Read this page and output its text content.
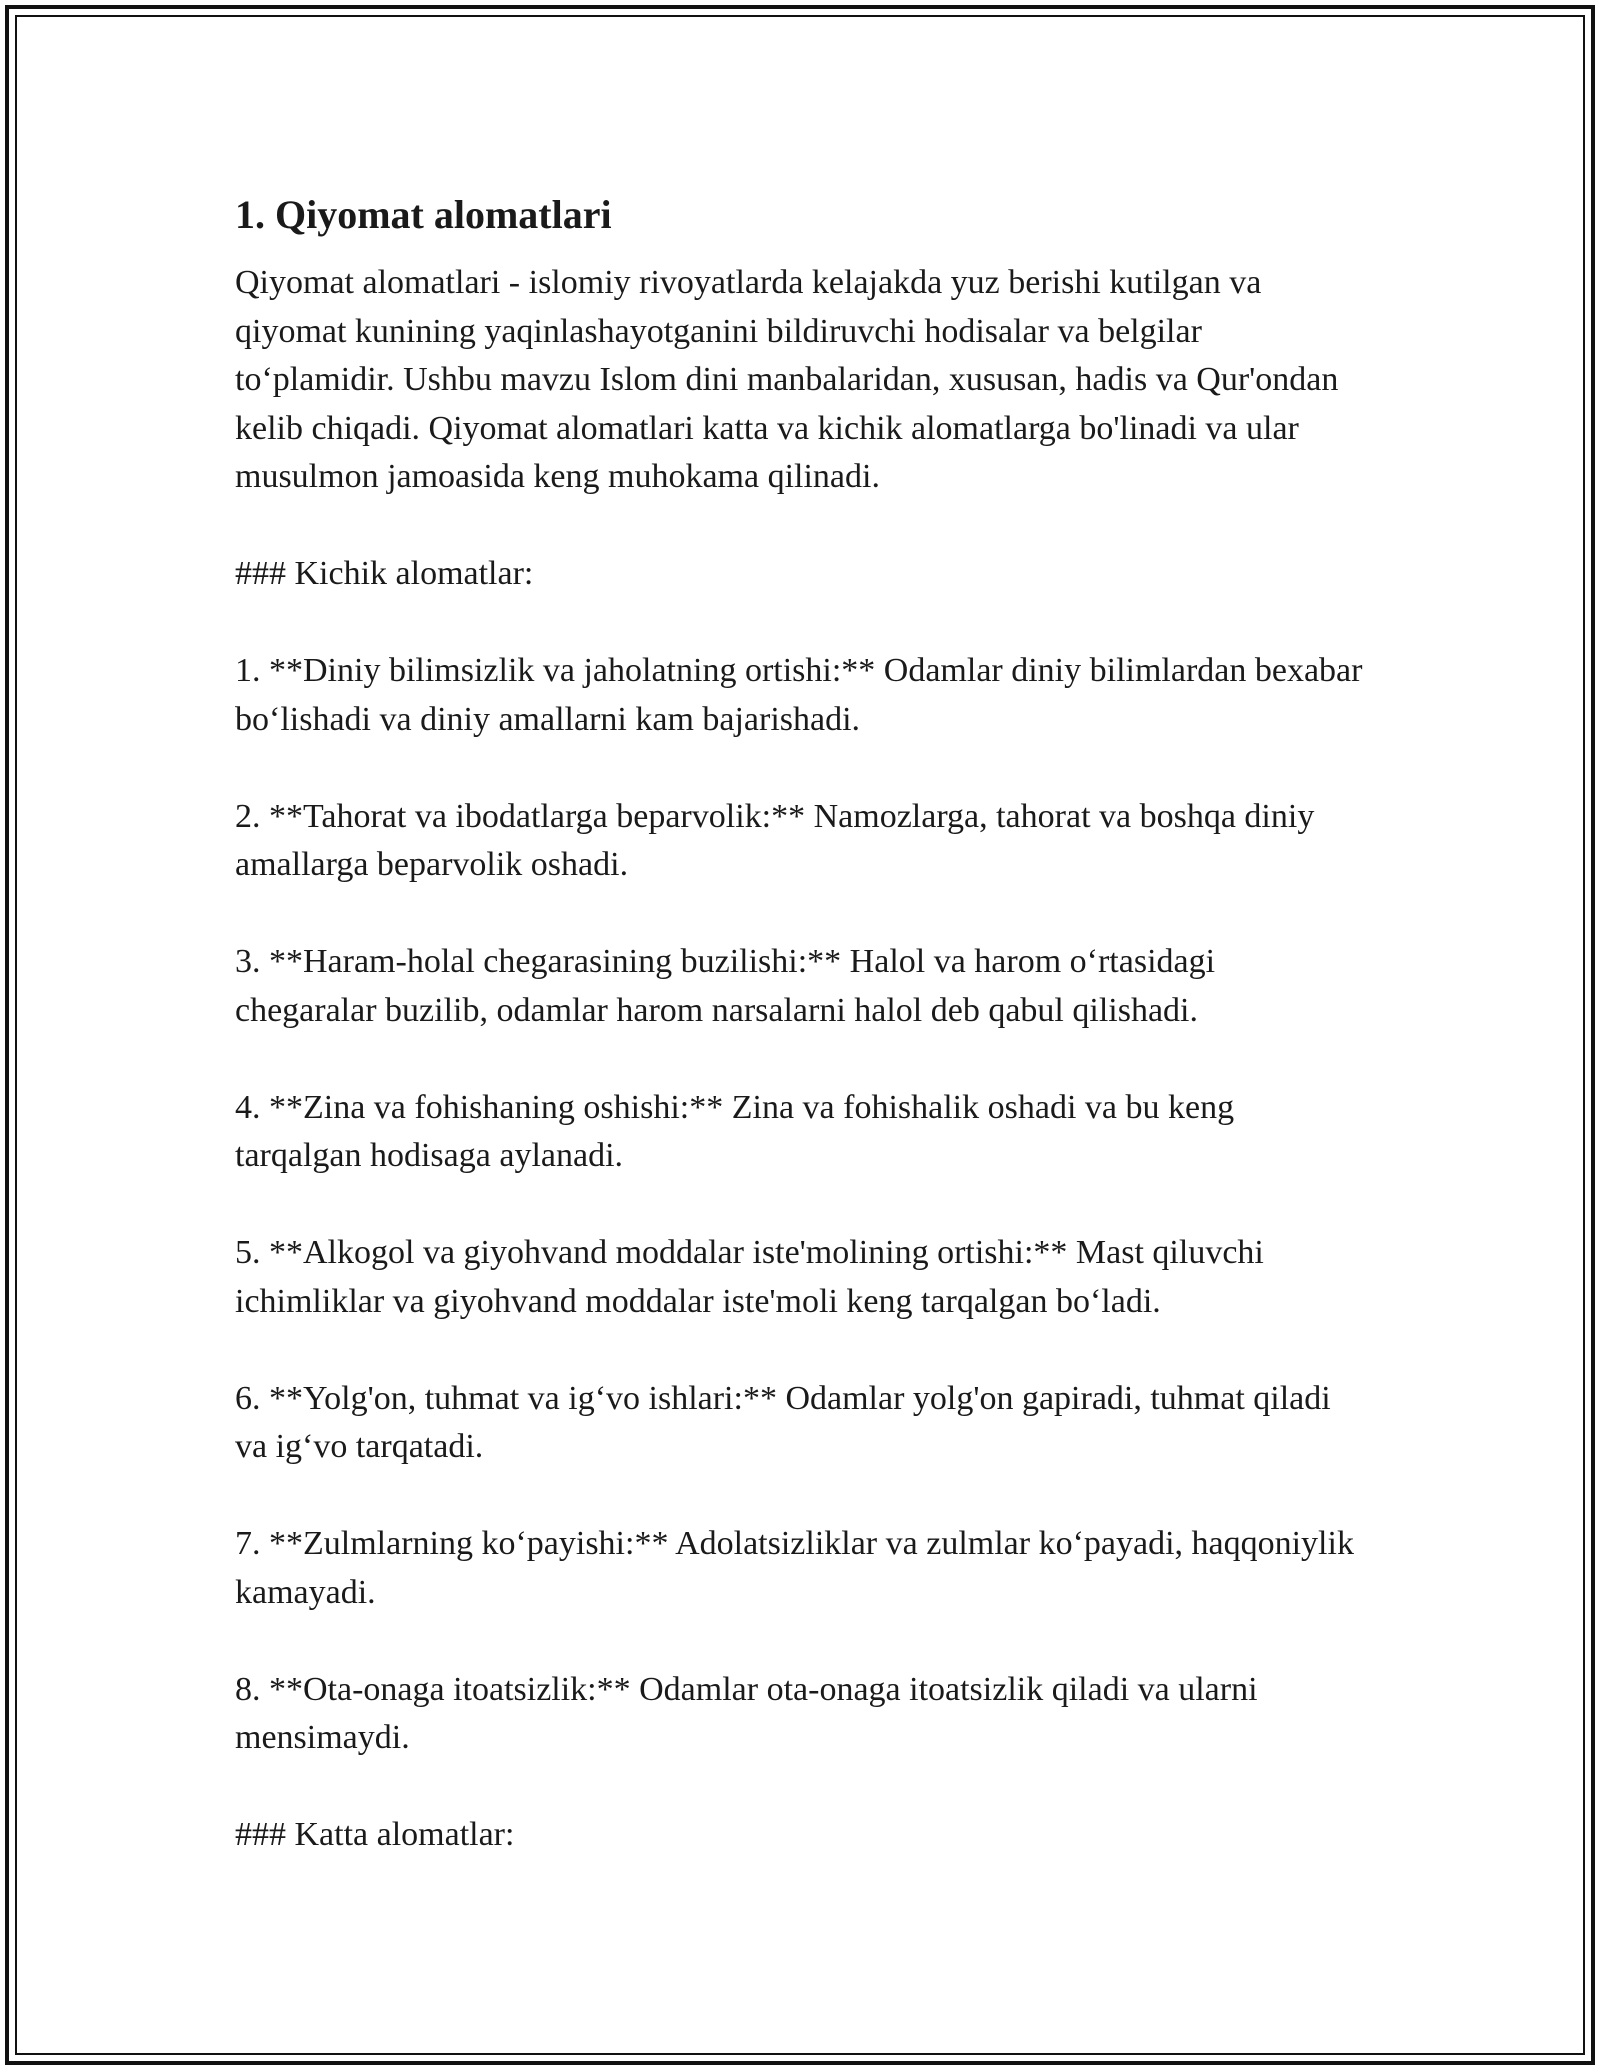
1. Qiyomat alomatlari

Qiyomat alomatlari - islomiy rivoyatlarda kelajakda yuz berishi kutilgan va qiyomat kunining yaqinlashayotganini bildiruvchi hodisalar va belgilar to‘plamidir. Ushbu mavzu Islom dini manbalaridan, xususan, hadis va Qur'ondan kelib chiqadi. Qiyomat alomatlari katta va kichik alomatlarga bo'linadi va ular musulmon jamoasida keng muhokama qilinadi.

### Kichik alomatlar:

1. **Diniy bilimsizlik va jaholatning ortishi:** Odamlar diniy bilimlardan bexabar bo‘lishadi va diniy amallarni kam bajarishadi.

2. **Tahorat va ibodatlarga beparvolik:** Namozlarga, tahorat va boshqa diniy amallarga beparvolik oshadi.

3. **Haram-holal chegarasining buzilishi:** Halol va harom o‘rtasidagi chegaralar buzilib, odamlar harom narsalarni halol deb qabul qilishadi.

4. **Zina va fohishaning oshishi:** Zina va fohishalik oshadi va bu keng tarqalgan hodisaga aylanadi.

5. **Alkogol va giyohvand moddalar iste'molining ortishi:** Mast qiluvchi ichimliklar va giyohvand moddalar iste'moli keng tarqalgan bo‘ladi.

6. **Yolg'on, tuhmat va ig‘vo ishlari:** Odamlar yolg'on gapiradi, tuhmat qiladi va ig‘vo tarqatadi.

7. **Zulmlarning ko‘payishi:** Adolatsizliklar va zulmlar ko‘payadi, haqqoniylik kamayadi.

8. **Ota-onaga itoatsizlik:** Odamlar ota-onaga itoatsizlik qiladi va ularni mensimaydi.

### Katta alomatlar:
